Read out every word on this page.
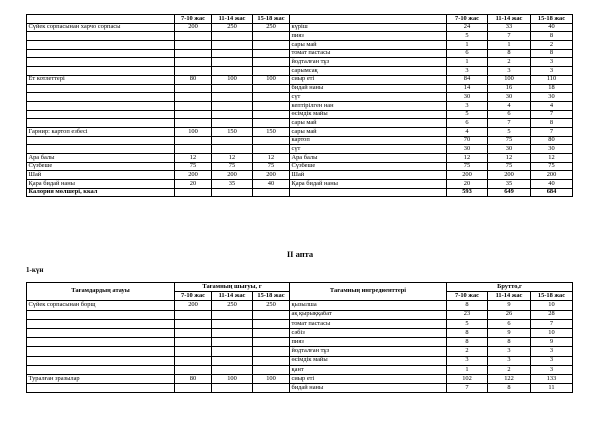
	7-10 жас	11-14 жас	15-18 жас		7-10 жас	11-14 жас	15-18 жас
Сүйек сорпасынан харчо сорпасы	200	250	250	күріш	24	33	40
				пияз	5	7	8
				сары май	1	1	2
				томат пастасы	6	8	8
				йодталған тұз	1	2	3
				сарымсақ	3	3	3
Ет котлеттері	80	100	100	сиыр еті	84	100	110
				бидай наны	14	16	18
				сүт	30	30	30
				кептірілген нан	3	4	4
				өсімдік майы	5	6	7
				сары май	6	7	8
Гарнир: картоп езбесі	100	150	150	сары май	4	5	7
				картоп	70	75	80
				сүт	30	30	30
Ара балы	12	12	12	Ара балы	12	12	12
Сүзбеше	75	75	75	Сүзбеше	75	75	75
Шай	200	200	200	Шай	200	200	200
Қара бидай наны	20	35	40	Қара бидай наны	20	35	40
Калория мөлшері, ккал					593	649	684
ІІ апта
1-күн
Тағамдардың атауы	Тағамның шығуы, г			Тағамның ингредиенттері	Брутто,г		
	7-10 жас	11-14 жас	15-18 жас		7-10 жас	11-14 жас	15-18 жас
Сүйек сорпасынан борщ	200	250	250	қызылша	8	9	10
				ақ қырыққабат	23	26	28
				томат пастасы	5	6	7
				сәбіз	8	9	10
				пияз	8	8	9
				йодталған тұз	2	3	3
				өсімдік майы	3	3	3
				қант	1	2	3
Туралған зразылар	80	100	100	сиыр еті	102	122	133
				бидай наны	7	8	11
